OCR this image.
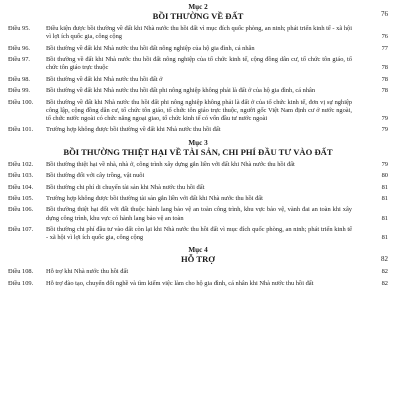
Mục 2
BỒI THƯỜNG VỀ ĐẤT	76
Điều 95.	Điều kiện được bồi thường về đất khi Nhà nước thu hồi đất vì mục đích quốc phòng, an ninh; phát triển kinh tế - xã hội vì lợi ích quốc gia, công cộng	76
Điều 96.	Bồi thường về đất khi Nhà nước thu hồi đất nông nghiệp của hộ gia đình, cá nhân	77
Điều 97.	Bồi thường về đất khi Nhà nước thu hồi đất nông nghiệp của tổ chức kinh tế, cộng đồng dân cư, tổ chức tôn giáo, tổ chức tôn giáo trực thuộc	78
Điều 98.	Bồi thường về đất khi Nhà nước thu hồi đất ở	78
Điều 99.	Bồi thường về đất khi Nhà nước thu hồi đất phi nông nghiệp không phải là đất ở của hộ gia đình, cá nhân	78
Điều 100.	Bồi thường về đất khi Nhà nước thu hồi đất phi nông nghiệp không phải là đất ở của tổ chức kinh tế, đơn vị sự nghiệp công lập, cộng đồng dân cư, tổ chức tôn giáo, tổ chức tôn giáo trực thuộc, người gốc Việt Nam định cư ở nước ngoài, tổ chức nước ngoài có chức năng ngoại giao, tổ chức kinh tế có vốn đầu tư nước ngoài	79
Điều 101.	Trường hợp không được bồi thường về đất khi Nhà nước thu hồi đất	79
Mục 3
BỒI THƯỜNG THIỆT HẠI VỀ TÀI SẢN, CHI PHÍ ĐẦU TƯ VÀO ĐẤT
Điều 102.	Bồi thường thiệt hại về nhà, nhà ở, công trình xây dựng gắn liền với đất khi Nhà nước thu hồi đất	79
Điều 103.	Bồi thường đối với cây trồng, vật nuôi	80
Điều 104.	Bồi thường chi phí di chuyển tài sản khi Nhà nước thu hồi đất	81
Điều 105.	Trường hợp không được bồi thường tài sản gắn liền với đất khi Nhà nước thu hồi đất	81
Điều 106.	Bồi thường thiệt hại đối với đất thuộc hành lang bảo vệ an toàn công trình, khu vực bảo vệ, vành đai an toàn khi xây dựng công trình, khu vực có hành lang bảo vệ an toàn	81
Điều 107.	Bồi thường chi phí đầu tư vào đất còn lại khi Nhà nước thu hồi đất vì mục đích quốc phòng, an ninh; phát triển kinh tế - xã hội vì lợi ích quốc gia, công cộng	81
Mục 4
HỖ TRỢ	82
Điều 108.	Hỗ trợ khi Nhà nước thu hồi đất	82
Điều 109.	Hỗ trợ đào tạo, chuyển đổi nghề và tìm kiếm việc làm cho hộ gia đình, cá nhân khi Nhà nước thu hồi đất	82
